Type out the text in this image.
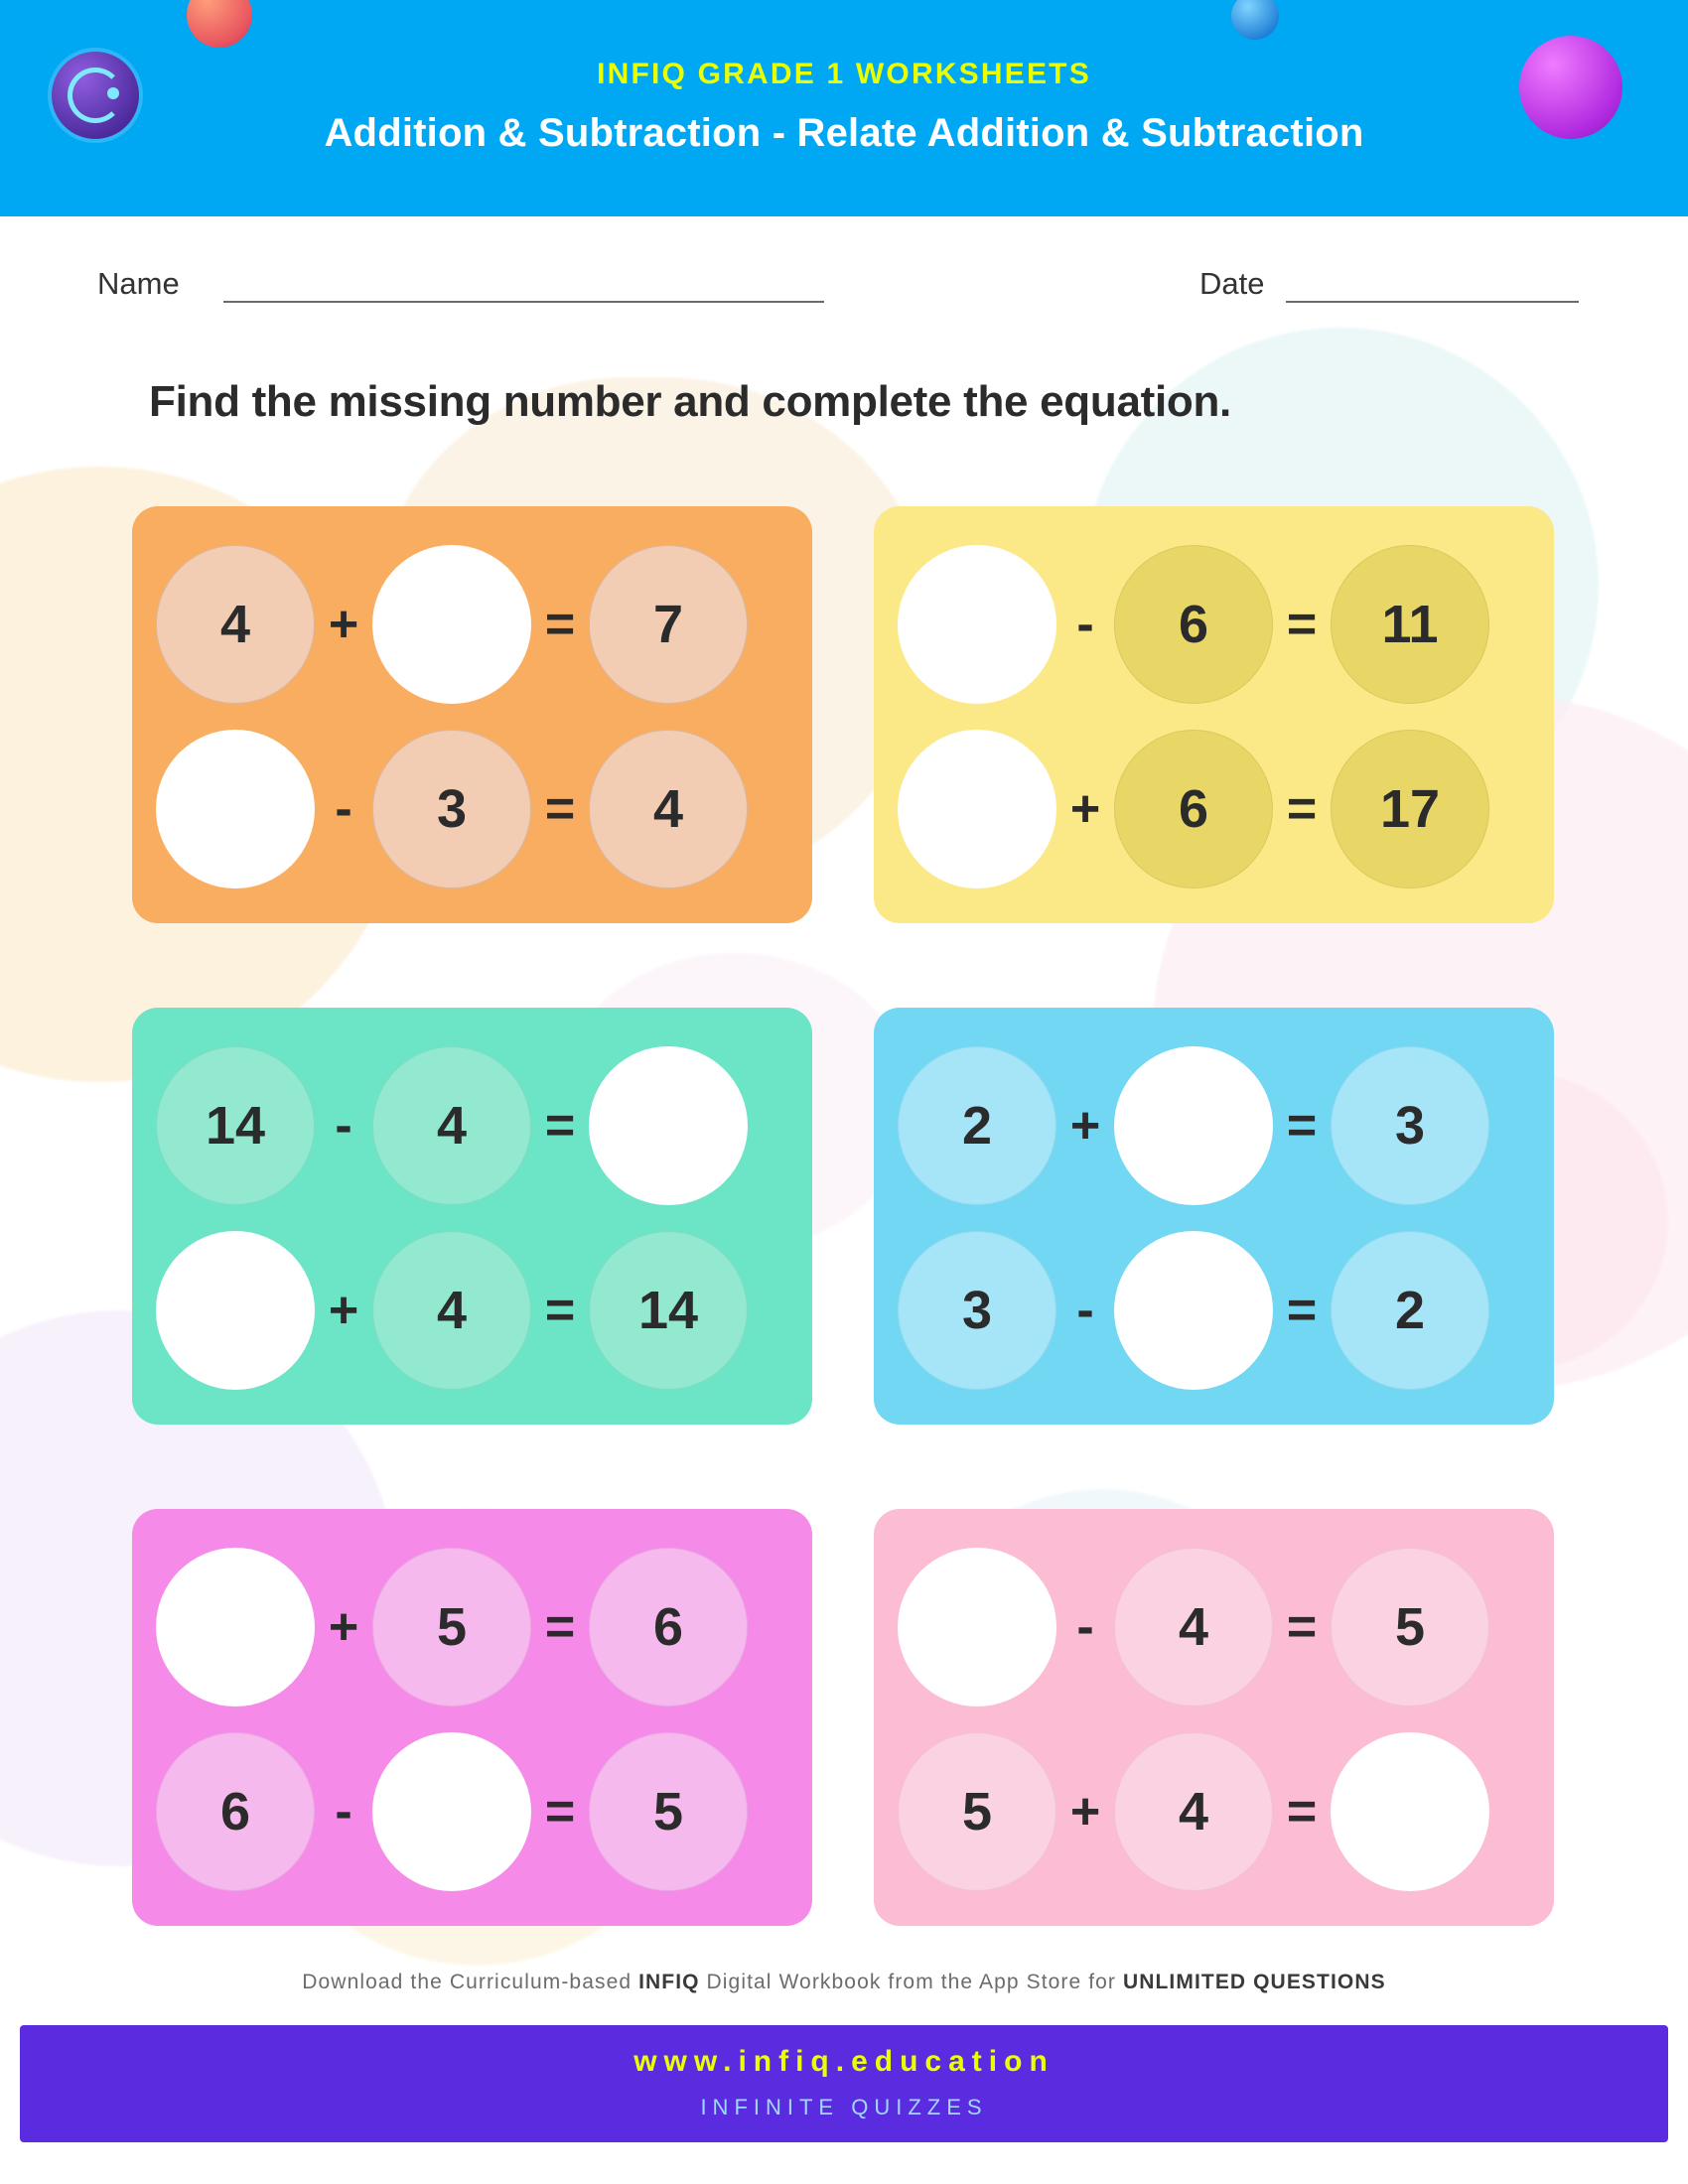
INFIQ GRADE 1 WORKSHEETS
Addition & Subtraction - Relate Addition & Subtraction
Name	Date
Find the missing number and complete the equation.
4	+	=	7
-	3	=	4
-	6	=	11
+	6	=	17
14	-	4	=
+	4	=	14
2	+	=	3
3	-	=	2
+	5	=	6
6	-	=	5
-	4	=	5
5	+	4	=
Download the Curriculum-based INFIQ Digital Workbook from the App Store for UNLIMITED QUESTIONS
www.infiq.education
INFINITE QUIZZES
